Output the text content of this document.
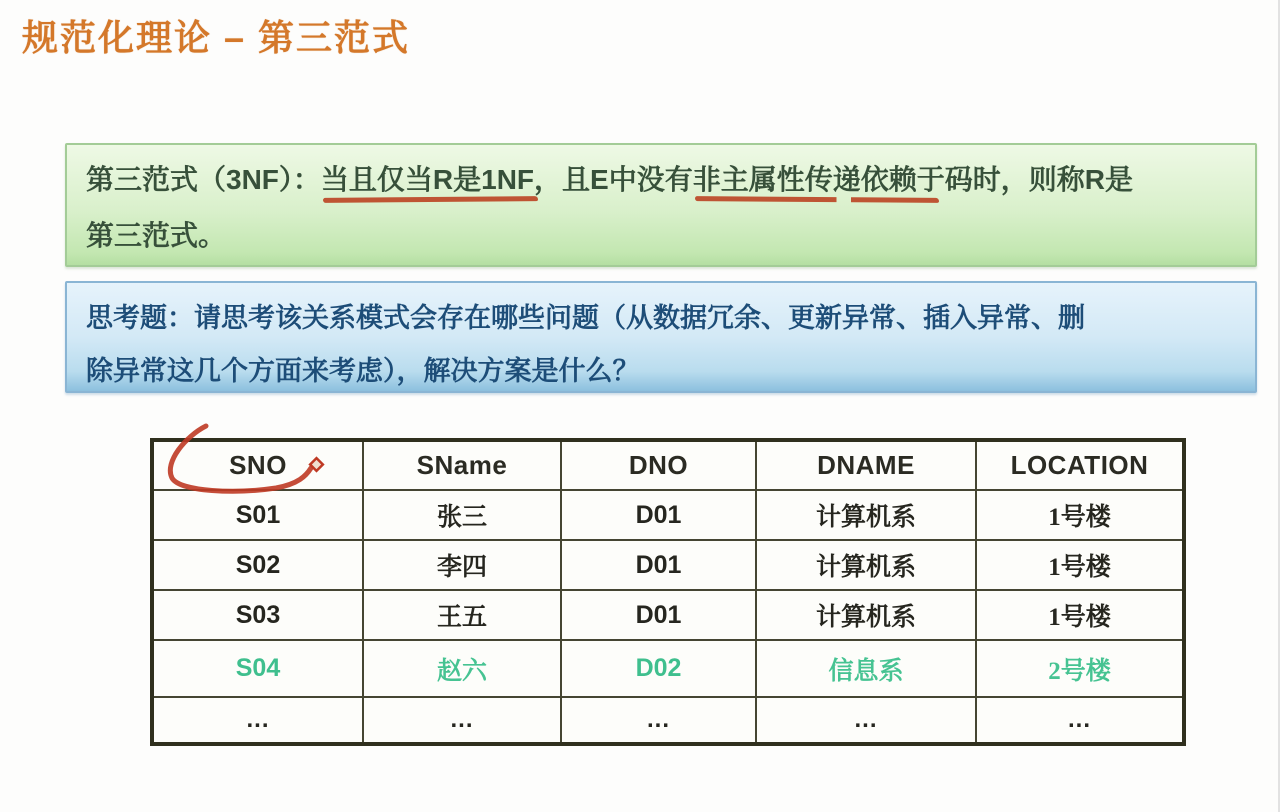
规范化理论 – 第三范式
第三范式（3NF）：当且仅当R是1NF，且E中没有非主属性传递依赖于码时，则称R是
第三范式。
思考题：请思考该关系模式会存在哪些问题（从数据冗余、更新异常、插入异常、删
除异常这几个方面来考虑），解决方案是什么？
SNO	SName	DNO	DNAME	LOCATION
S01	张三	D01	计算机系	1号楼
S02	李四	D01	计算机系	1号楼
S03	王五	D01	计算机系	1号楼
S04	赵六	D02	信息系	2号楼
...	...	...	...	...
